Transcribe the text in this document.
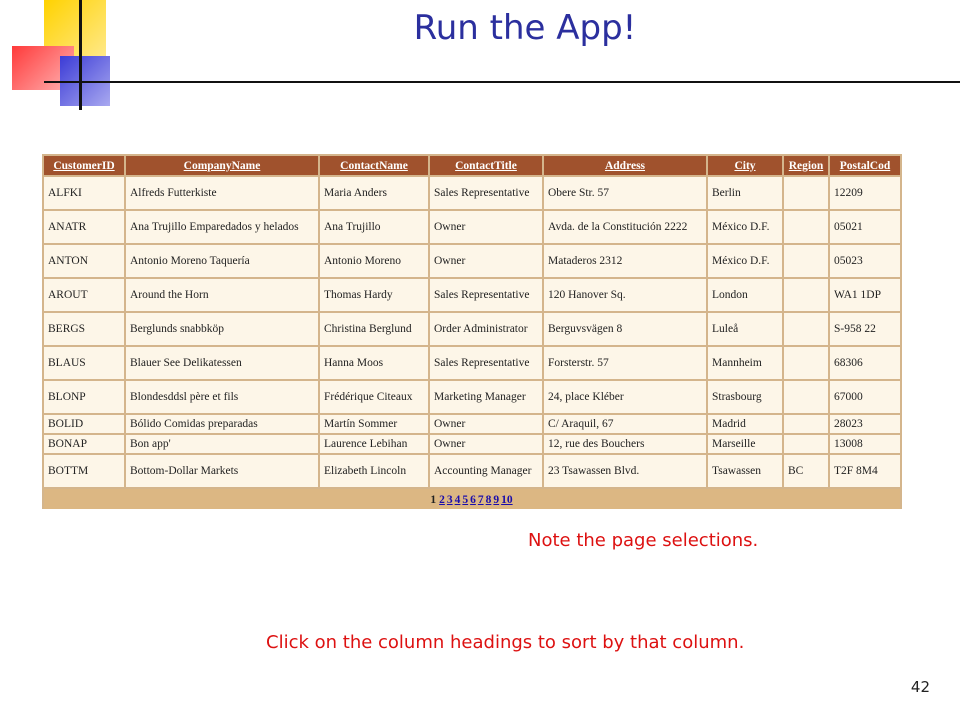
Run the App!
CustomerID	CompanyName	ContactName	ContactTitle	Address	City	Region	PostalCod
ALFKI	Alfreds Futterkiste	Maria Anders	Sales Representative	Obere Str. 57	Berlin		12209
ANATR	Ana Trujillo Emparedados y helados	Ana Trujillo	Owner	Avda. de la Constitución 2222	México D.F.		05021
ANTON	Antonio Moreno Taquería	Antonio Moreno	Owner	Mataderos 2312	México D.F.		05023
AROUT	Around the Horn	Thomas Hardy	Sales Representative	120 Hanover Sq.	London		WA1 1DP
BERGS	Berglunds snabbköp	Christina Berglund	Order Administrator	Berguvsvägen 8	Luleå		S-958 22
BLAUS	Blauer See Delikatessen	Hanna Moos	Sales Representative	Forsterstr. 57	Mannheim		68306
BLONP	Blondesddsl père et fils	Frédérique Citeaux	Marketing Manager	24, place Kléber	Strasbourg		67000
BOLID	Bólido Comidas preparadas	Martín Sommer	Owner	C/ Araquil, 67	Madrid		28023
BONAP	Bon app'	Laurence Lebihan	Owner	12, rue des Bouchers	Marseille		13008
BOTTM	Bottom-Dollar Markets	Elizabeth Lincoln	Accounting Manager	23 Tsawassen Blvd.	Tsawassen	BC	T2F 8M4
1 2 3 4 5 6 7 8 9 10							
Note the page selections.
Click on the column headings to sort by that column.
42
